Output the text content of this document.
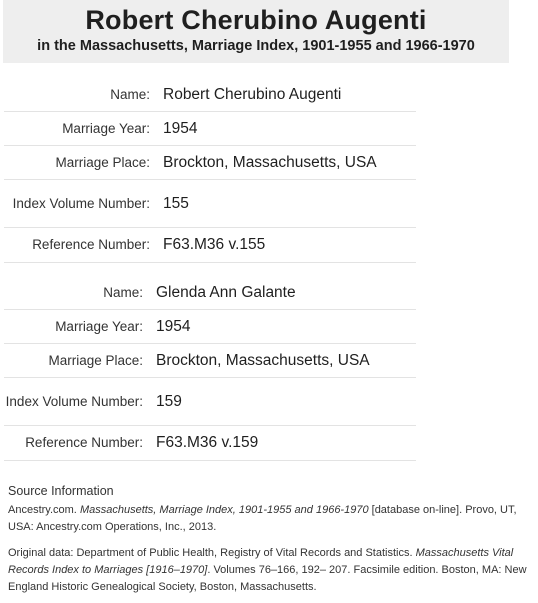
Robert Cherubino Augenti
in the Massachusetts, Marriage Index, 1901-1955 and 1966-1970
Name: Robert Cherubino Augenti
Marriage Year: 1954
Marriage Place: Brockton, Massachusetts, USA
Index Volume Number: 155
Reference Number: F63.M36 v.155
Name: Glenda Ann Galante
Marriage Year: 1954
Marriage Place: Brockton, Massachusetts, USA
Index Volume Number: 159
Reference Number: F63.M36 v.159
Source Information

Ancestry.com. Massachusetts, Marriage Index, 1901-1955 and 1966-1970 [database on-line]. Provo, UT, USA: Ancestry.com Operations, Inc., 2013.

Original data: Department of Public Health, Registry of Vital Records and Statistics. Massachusetts Vital Records Index to Marriages [1916–1970]. Volumes 76–166, 192– 207. Facsimile edition. Boston, MA: New England Historic Genealogical Society, Boston, Massachusetts.
